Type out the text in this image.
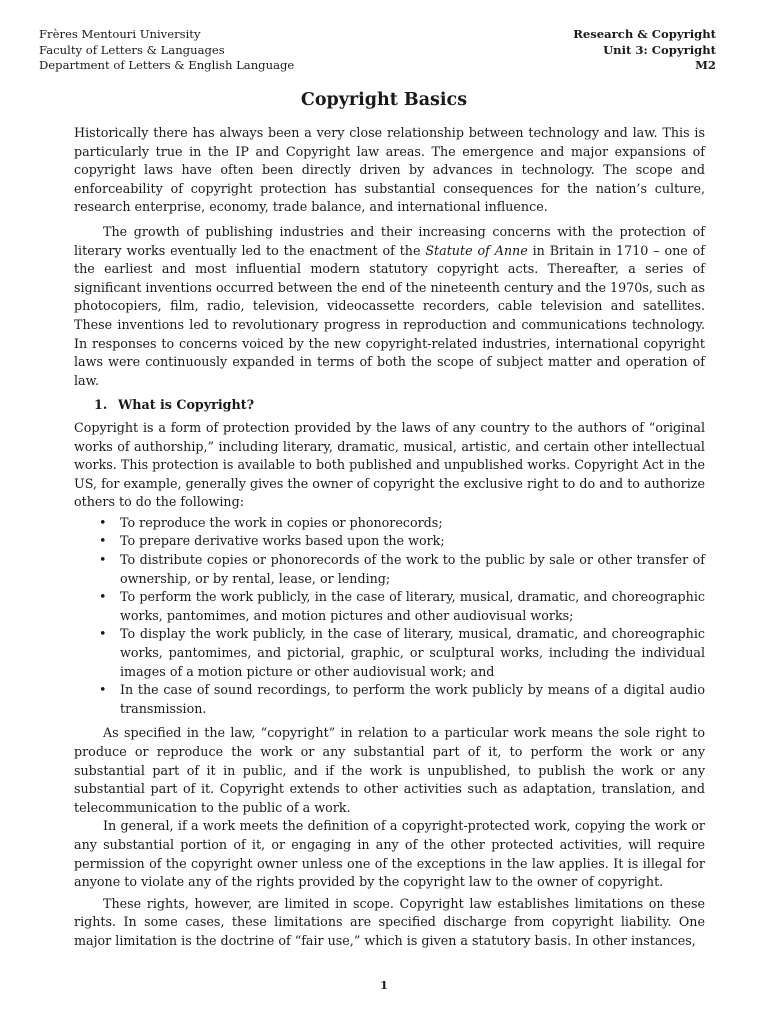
Frères Mentouri University
Faculty of Letters & Languages
Department of Letters & English Language
Research & Copyright
Unit 3: Copyright
M2
Copyright Basics

Historically there has always been a very close relationship between technology and law. This is particularly true in the IP and Copyright law areas. The emergence and major expansions of copyright laws have often been directly driven by advances in technology. The scope and enforceability of copyright protection has substantial consequences for the nation’s culture, research enterprise, economy, trade balance, and international influence.

The growth of publishing industries and their increasing concerns with the protection of literary works eventually led to the enactment of the Statute of Anne in Britain in 1710 – one of the earliest and most influential modern statutory copyright acts. Thereafter, a series of significant inventions occurred between the end of the nineteenth century and the 1970s, such as photocopiers, film, radio, television, videocassette recorders, cable television and satellites. These inventions led to revolutionary progress in reproduction and communications technology. In responses to concerns voiced by the new copyright-related industries, international copyright laws were continuously expanded in terms of both the scope of subject matter and operation of law.

1. What is Copyright?

Copyright is a form of protection provided by the laws of any country to the authors of “original works of authorship,” including literary, dramatic, musical, artistic, and certain other intellectual works. This protection is available to both published and unpublished works. Copyright Act in the US, for example, generally gives the owner of copyright the exclusive right to do and to authorize others to do the following:

• To reproduce the work in copies or phonorecords;
• To prepare derivative works based upon the work;
• To distribute copies or phonorecords of the work to the public by sale or other transfer of ownership, or by rental, lease, or lending;
• To perform the work publicly, in the case of literary, musical, dramatic, and choreographic works, pantomimes, and motion pictures and other audiovisual works;
• To display the work publicly, in the case of literary, musical, dramatic, and choreographic works, pantomimes, and pictorial, graphic, or sculptural works, including the individual images of a motion picture or other audiovisual work; and
• In the case of sound recordings, to perform the work publicly by means of a digital audio transmission.

As specified in the law, “copyright” in relation to a particular work means the sole right to produce or reproduce the work or any substantial part of it, to perform the work or any substantial part of it in public, and if the work is unpublished, to publish the work or any substantial part of it. Copyright extends to other activities such as adaptation, translation, and telecommunication to the public of a work.

In general, if a work meets the definition of a copyright-protected work, copying the work or any substantial portion of it, or engaging in any of the other protected activities, will require permission of the copyright owner unless one of the exceptions in the law applies. It is illegal for anyone to violate any of the rights provided by the copyright law to the owner of copyright.

These rights, however, are limited in scope. Copyright law establishes limitations on these rights. In some cases, these limitations are specified discharge from copyright liability. One major limitation is the doctrine of “fair use,” which is given a statutory basis. In other instances,

1
